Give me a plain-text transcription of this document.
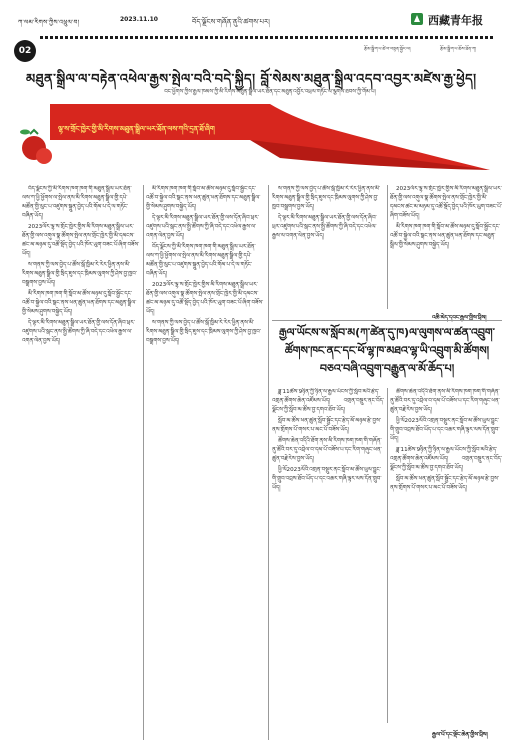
ཀ་ལམ་རིགས་ཀྱིས་འཕྲུལ་བ།	2023.11.10	བོད་ལྗོངས་གཞོན་ནུའི་ཚགས་པར།	西藏青年报
02	རྩོམ་སྒྲིག་པ་ཚེ་བ་བསྟན་སྐྱོང་ལ།	རྩོམ་སྒྲིག་པ་ཆོས་ཐོན་ཀ།
མཐུན་སྒྲིལ་ལ་བརྟེན་འཕེལ་རྒྱས་སྤེལ་བའི་བདེ་སྐྱིད། བློ་སེམས་མཐུན་སྒྲིལ་འདབ་འབྱར་མཛེས་རྒྱ་ཕྱེད།
བང་ཕྱོགས་ཀྱིས་རྒྱལ་ཁམས་ཀྱི་མི་རིགས་མཐུན་སྒྲིལ་ཡར་ཐོན་དང་མཐུན་འབྱོར་འཕྲལ་གཏོང་ལ་ལྕགས་ཐབས་ཀྱི་གོམ་པ།
ལྷ་ས་གྲོང་ཁྱེར་གྱི་མི་རིགས་མཐུན་སྒྲིལ་ཡར་ཐོན་ལས་ཀའི་དྲན་ཐོ་ཞིག

བོད་ལྗོངས་ཀྱི་མི་རིགས་ཁག་ཁག་གི་མཐུན་སྒྲིལ་ཡར་ཐོན་ལས་ཀ་ཕྱི་ཕྱོགས་ལ་སྤེལ་ནས་མི་རིགས་མཐུན་སྒྲིལ་གྱི་དཔེ་མཚོན་གྱི་ལུང་པ་འཛུགས་སྐྲུན་བྱེད་པའི་གོམ་པ་དེ་ལ་གཏོང་བཞིན་ཡོད།

2023ལོར་ལྷ་ས་གྲོང་ཁྱེར་གྱིས་མི་རིགས་མཐུན་སྒྲིལ་ཡར་ཐོན་གྱི་ལས་འགུལ་སྣ་ཚོགས་སྤེལ་ནས་གྲོང་ཁྱེར་གྱི་མི་དམངས་ཚང་མ་མཉམ་དུ་འཚོ་སྡོད་བྱེད་པའི་ཁོར་ཡུག་བཟང་པོ་ཞིག་བཟོས་ཡོད།

ས་གནས་ཀྱི་ལས་བྱེད་པ་ཚོས་སྒོ་ཁྱིམ་རེ་རེར་ཕྱིན་ནས་མི་རིགས་མཐུན་སྒྲིལ་གྱི་སྲིད་ཇུས་དང་ཁྲིམས་ལུགས་ཀྱི་ཤེས་བྱ་ཁྱབ་བསྒྲགས་བྱས་ཡོད།

མི་རིགས་ཁག་ཁག་གི་སློབ་མ་ཚོས་མཉམ་དུ་སློབ་སྦྱོང་དང་འཚོ་བ་སྐྱེལ་བའི་སྒང་ནས་ཕན་ཚུན་ཕན་ཐོགས་དང་མཐུན་སྒྲིལ་གྱི་སེམས་ཤུགས་བསྐྱེད་ཡོད།

དེ་ལྟར་མི་རིགས་མཐུན་སྒྲིལ་ཡར་ཐོན་གྱི་ལས་དོན་ཞིབ་ཕྲར་འཛུགས་པའི་སྒང་ནས་སྤྱི་ཚོགས་ཀྱི་ཞི་བདེ་དང་འཕེལ་རྒྱས་ལ་འགན་ལེན་བྱས་ཡོད།

མི་རིགས་ཁག་ཁག་གི་སློབ་མ་ཚོས་མཉམ་དུ་སློབ་སྦྱོང་དང་འཚོ་བ་སྐྱེལ་བའི་སྒང་ནས་ཕན་ཚུན་ཕན་ཐོགས་དང་མཐུན་སྒྲིལ་གྱི་སེམས་ཤུགས་བསྐྱེད་ཡོད།

དེ་ལྟར་མི་རིགས་མཐུན་སྒྲིལ་ཡར་ཐོན་གྱི་ལས་དོན་ཞིབ་ཕྲར་འཛུགས་པའི་སྒང་ནས་སྤྱི་ཚོགས་ཀྱི་ཞི་བདེ་དང་འཕེལ་རྒྱས་ལ་འགན་ལེན་བྱས་ཡོད།

བོད་ལྗོངས་ཀྱི་མི་རིགས་ཁག་ཁག་གི་མཐུན་སྒྲིལ་ཡར་ཐོན་ལས་ཀ་ཕྱི་ཕྱོགས་ལ་སྤེལ་ནས་མི་རིགས་མཐུན་སྒྲིལ་གྱི་དཔེ་མཚོན་གྱི་ལུང་པ་འཛུགས་སྐྲུན་བྱེད་པའི་གོམ་པ་དེ་ལ་གཏོང་བཞིན་ཡོད།

2023ལོར་ལྷ་ས་གྲོང་ཁྱེར་གྱིས་མི་རིགས་མཐུན་སྒྲིལ་ཡར་ཐོན་གྱི་ལས་འགུལ་སྣ་ཚོགས་སྤེལ་ནས་གྲོང་ཁྱེར་གྱི་མི་དམངས་ཚང་མ་མཉམ་དུ་འཚོ་སྡོད་བྱེད་པའི་ཁོར་ཡུག་བཟང་པོ་ཞིག་བཟོས་ཡོད།

ས་གནས་ཀྱི་ལས་བྱེད་པ་ཚོས་སྒོ་ཁྱིམ་རེ་རེར་ཕྱིན་ནས་མི་རིགས་མཐུན་སྒྲིལ་གྱི་སྲིད་ཇུས་དང་ཁྲིམས་ལུགས་ཀྱི་ཤེས་བྱ་ཁྱབ་བསྒྲགས་བྱས་ཡོད།

ས་གནས་ཀྱི་ལས་བྱེད་པ་ཚོས་སྒོ་ཁྱིམ་རེ་རེར་ཕྱིན་ནས་མི་རིགས་མཐུན་སྒྲིལ་གྱི་སྲིད་ཇུས་དང་ཁྲིམས་ལུགས་ཀྱི་ཤེས་བྱ་ཁྱབ་བསྒྲགས་བྱས་ཡོད།

དེ་ལྟར་མི་རིགས་མཐུན་སྒྲིལ་ཡར་ཐོན་གྱི་ལས་དོན་ཞིབ་ཕྲར་འཛུགས་པའི་སྒང་ནས་སྤྱི་ཚོགས་ཀྱི་ཞི་བདེ་དང་འཕེལ་རྒྱས་ལ་འགན་ལེན་བྱས་ཡོད།

2023ལོར་ལྷ་ས་གྲོང་ཁྱེར་གྱིས་མི་རིགས་མཐུན་སྒྲིལ་ཡར་ཐོན་གྱི་ལས་འགུལ་སྣ་ཚོགས་སྤེལ་ནས་གྲོང་ཁྱེར་གྱི་མི་དམངས་ཚང་མ་མཉམ་དུ་འཚོ་སྡོད་བྱེད་པའི་ཁོར་ཡུག་བཟང་པོ་ཞིག་བཟོས་ཡོད།

མི་རིགས་ཁག་ཁག་གི་སློབ་མ་ཚོས་མཉམ་དུ་སློབ་སྦྱོང་དང་འཚོ་བ་སྐྱེལ་བའི་སྒང་ནས་ཕན་ཚུན་ཕན་ཐོགས་དང་མཐུན་སྒྲིལ་གྱི་སེམས་ཤུགས་བསྐྱེད་ཡོད།

འཆི་མེད་དབང་རྒྱལ་གྱིས་བྲིས།
རྒྱལ་ཡོངས་ས་སློབ་མ(ཀ་ཚེན་དུ་ཁ)ལ་ལུགས་ལ་ཚན་འབྲུག་ཚོགས་ཁང་ནང་དང་ཕོ་ལྷ་ཁ་མཐའ་ལྷ་ཡི་འབྲུག་མི་ཚོགས། བཅའ་བཞི་འབྲུག་བརྒྱུན་ལ་མོ་ཆོད་པ།

ཟླ་11ཚེས་9ཉིན་ཀྱི་ཉིན་ལ་རྒྱལ་ཡོངས་ཀྱི་སློབ་མའི་རྩེད་འགྲན་ཚོགས་ཆེན་འཛོམས་ཡོད། འགྲན་བསྡུར་ནང་བོད་ལྗོངས་ཀྱི་སློབ་མ་ཚོས་བྱ་དགའ་ཐོབ་ཡོད།

སློབ་མ་ཚོས་ཕན་ཚུན་སློབ་སྦྱོང་དང་རྩེད་མོ་མཉམ་རྩེ་བྱས་ནས་གྲོགས་པོ་གསར་པ་མང་པོ་བཟོས་ཡོད།

ཚོགས་ཆེན་འདིའི་ཐོག་ནས་མི་རིགས་ཁག་ཁག་གི་གཞོན་ནུ་ཚོའི་བར་དུ་འབྲེལ་བ་དམ་པོ་བཟོས་པ་དང་རིག་གཞུང་ཕན་ཚུན་བརྗེ་རེས་བྱས་ཡོད།

ཕྱི་ལོ2023ལོའི་འགྲན་བསྡུར་ནང་སློབ་མ་ཚོས་ཕུལ་བྱུང་གི་གྲུབ་འབྲས་ཐོབ་ཡོད་པ་དང་འཆར་གཞི་ལྟར་ལས་དོན་གྲུབ་ཡོད།

ཚོགས་ཆེན་འདིའི་ཐོག་ནས་མི་རིགས་ཁག་ཁག་གི་གཞོན་ནུ་ཚོའི་བར་དུ་འབྲེལ་བ་དམ་པོ་བཟོས་པ་དང་རིག་གཞུང་ཕན་ཚུན་བརྗེ་རེས་བྱས་ཡོད།

ཕྱི་ལོ2023ལོའི་འགྲན་བསྡུར་ནང་སློབ་མ་ཚོས་ཕུལ་བྱུང་གི་གྲུབ་འབྲས་ཐོབ་ཡོད་པ་དང་འཆར་གཞི་ལྟར་ལས་དོན་གྲུབ་ཡོད།

ཟླ་11ཚེས་9ཉིན་ཀྱི་ཉིན་ལ་རྒྱལ་ཡོངས་ཀྱི་སློབ་མའི་རྩེད་འགྲན་ཚོགས་ཆེན་འཛོམས་ཡོད། འགྲན་བསྡུར་ནང་བོད་ལྗོངས་ཀྱི་སློབ་མ་ཚོས་བྱ་དགའ་ཐོབ་ཡོད།

སློབ་མ་ཚོས་ཕན་ཚུན་སློབ་སྦྱོང་དང་རྩེད་མོ་མཉམ་རྩེ་བྱས་ནས་གྲོགས་པོ་གསར་པ་མང་པོ་བཟོས་ཡོད།

རྒྱལ་པོ་དང་ལྡོང་ཆེན་གྱིས་བྲིས།
